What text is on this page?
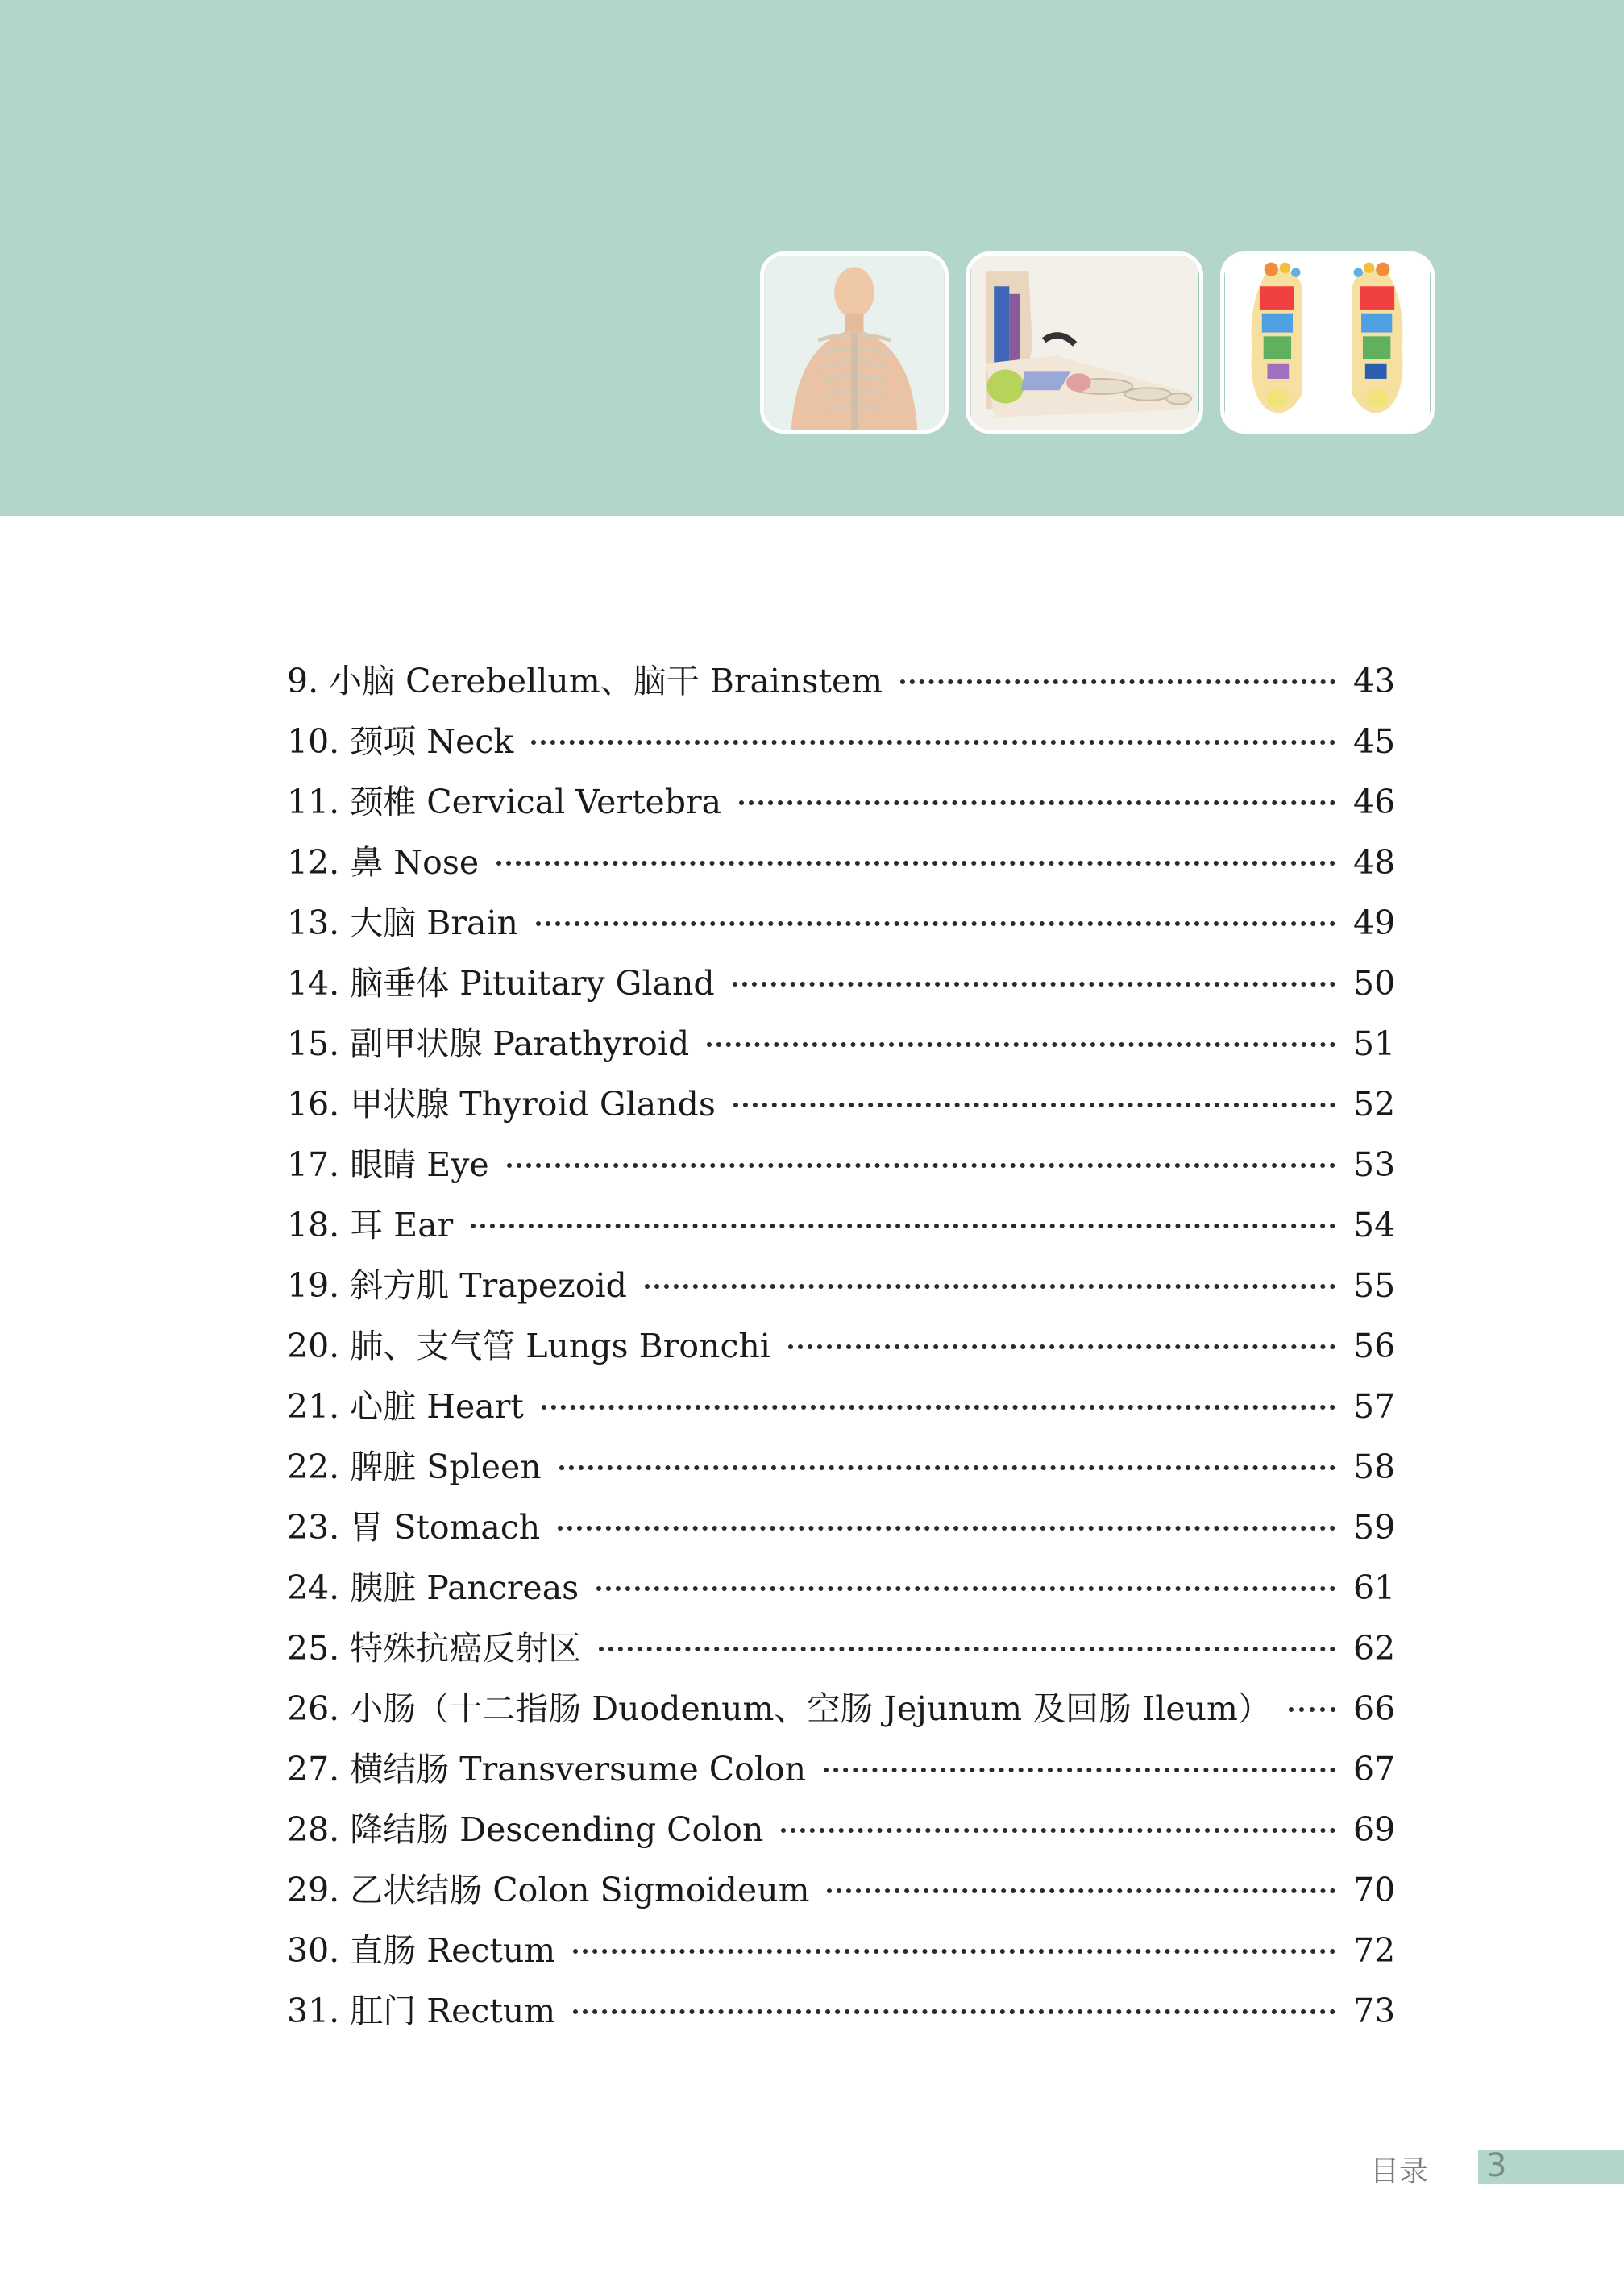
9. 小脑 Cerebellum、脑干 Brainstem	43
10. 颈项 Neck	45
11. 颈椎 Cervical Vertebra	46
12. 鼻 Nose	48
13. 大脑 Brain	49
14. 脑垂体 Pituitary Gland	50
15. 副甲状腺 Parathyroid	51
16. 甲状腺 Thyroid Glands	52
17. 眼睛 Eye	53
18. 耳 Ear	54
19. 斜方肌 Trapezoid	55
20. 肺、支气管 Lungs Bronchi	56
21. 心脏 Heart	57
22. 脾脏 Spleen	58
23. 胃 Stomach	59
24. 胰脏 Pancreas	61
25. 特殊抗癌反射区	62
26. 小肠（十二指肠 Duodenum、空肠 Jejunum 及回肠 Ileum） 66
27. 横结肠 Transversume Colon	67
28. 降结肠 Descending Colon	69
29. 乙状结肠 Colon Sigmoideum	70
30. 直肠 Rectum	72
31. 肛门 Rectum	73
目录 3
